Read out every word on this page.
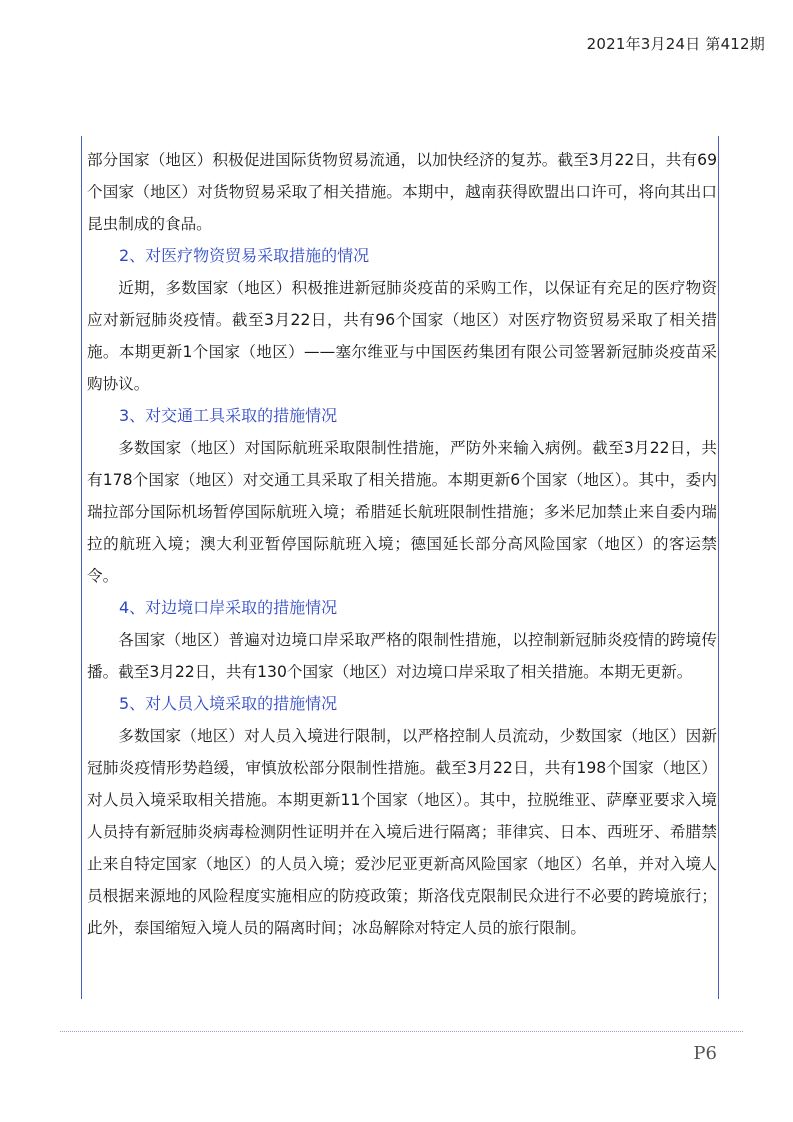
2021年3月24日 第412期

部分国家（地区）积极促进国际货物贸易流通，以加快经济的复苏。截至3月22日，共有69个国家（地区）对货物贸易采取了相关措施。本期中，越南获得欧盟出口许可，将向其出口昆虫制成的食品。

2、对医疗物资贸易采取措施的情况

近期，多数国家（地区）积极推进新冠肺炎疫苗的采购工作，以保证有充足的医疗物资应对新冠肺炎疫情。截至3月22日，共有96个国家（地区）对医疗物资贸易采取了相关措施。本期更新1个国家（地区）——塞尔维亚与中国医药集团有限公司签署新冠肺炎疫苗采购协议。

3、对交通工具采取的措施情况

多数国家（地区）对国际航班采取限制性措施，严防外来输入病例。截至3月22日，共有178个国家（地区）对交通工具采取了相关措施。本期更新6个国家（地区）。其中，委内瑞拉部分国际机场暂停国际航班入境；希腊延长航班限制性措施；多米尼加禁止来自委内瑞拉的航班入境；澳大利亚暂停国际航班入境；德国延长部分高风险国家（地区）的客运禁令。

4、对边境口岸采取的措施情况

各国家（地区）普遍对边境口岸采取严格的限制性措施，以控制新冠肺炎疫情的跨境传播。截至3月22日，共有130个国家（地区）对边境口岸采取了相关措施。本期无更新。

5、对人员入境采取的措施情况

多数国家（地区）对人员入境进行限制，以严格控制人员流动，少数国家（地区）因新冠肺炎疫情形势趋缓，审慎放松部分限制性措施。截至3月22日，共有198个国家（地区）对人员入境采取相关措施。本期更新11个国家（地区）。其中，拉脱维亚、萨摩亚要求入境人员持有新冠肺炎病毒检测阴性证明并在入境后进行隔离；菲律宾、日本、西班牙、希腊禁止来自特定国家（地区）的人员入境；爱沙尼亚更新高风险国家（地区）名单，并对入境人员根据来源地的风险程度实施相应的防疫政策；斯洛伐克限制民众进行不必要的跨境旅行；此外，泰国缩短入境人员的隔离时间；冰岛解除对特定人员的旅行限制。

P6
